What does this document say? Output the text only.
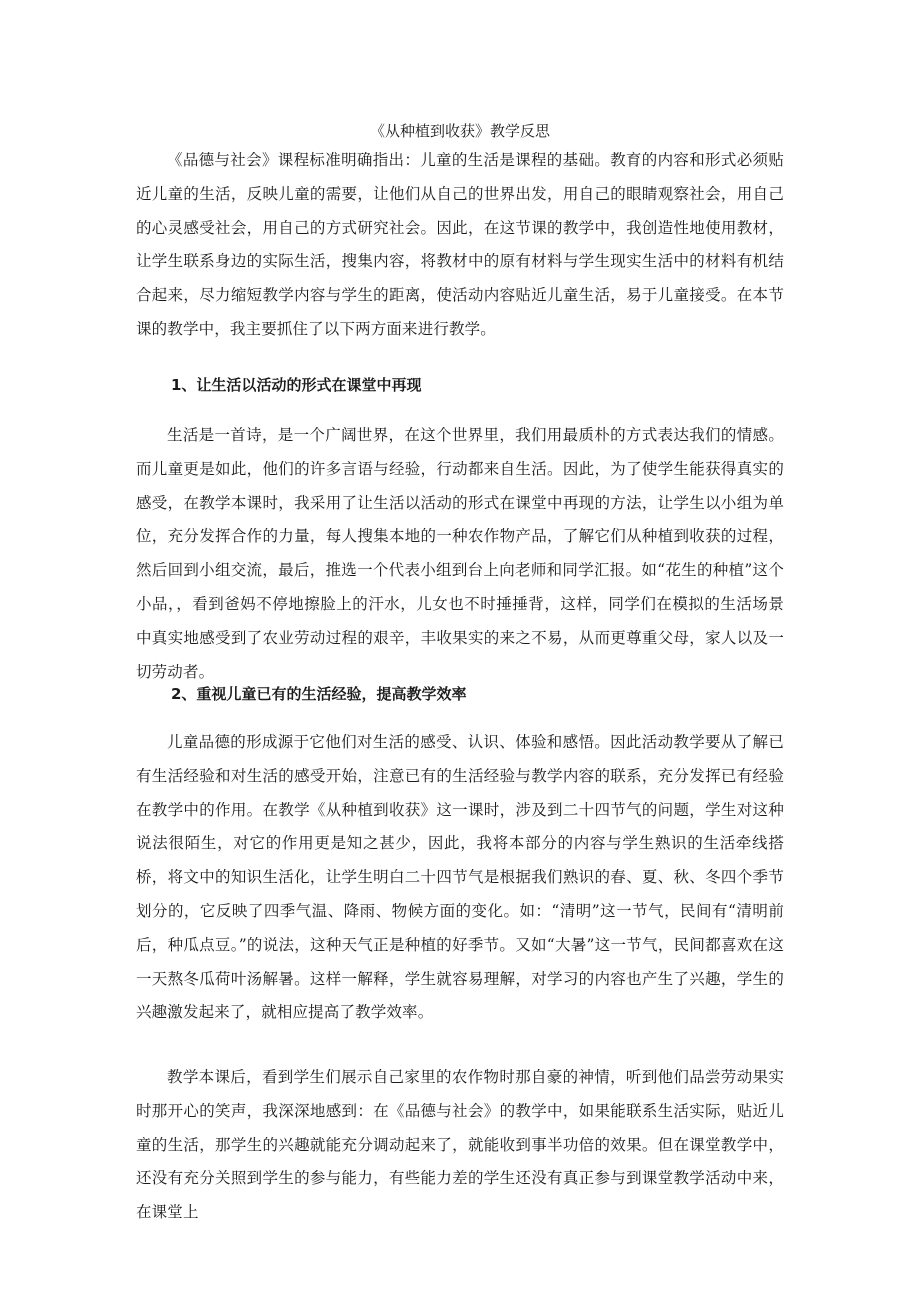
《从种植到收获》教学反思

《品德与社会》课程标准明确指出：儿童的生活是课程的基础。教育的内容和形式必须贴近儿童的生活，反映儿童的需要，让他们从自己的世界出发，用自己的眼睛观察社会，用自己的心灵感受社会，用自己的方式研究社会。因此，在这节课的教学中，我创造性地使用教材，让学生联系身边的实际生活，搜集内容，将教材中的原有材料与学生现实生活中的材料有机结合起来，尽力缩短教学内容与学生的距离，使活动内容贴近儿童生活，易于儿童接受。在本节课的教学中，我主要抓住了以下两方面来进行教学。

1、让生活以活动的形式在课堂中再现

生活是一首诗，是一个广阔世界，在这个世界里，我们用最质朴的方式表达我们的情感。而儿童更是如此，他们的许多言语与经验，行动都来自生活。因此，为了使学生能获得真实的感受，在教学本课时，我采用了让生活以活动的形式在课堂中再现的方法，让学生以小组为单位，充分发挥合作的力量，每人搜集本地的一种农作物产品，了解它们从种植到收获的过程，然后回到小组交流，最后，推选一个代表小组到台上向老师和同学汇报。如“花生的种植”这个小品，，看到爸妈不停地擦脸上的汗水，儿女也不时捶捶背，这样，同学们在模拟的生活场景中真实地感受到了农业劳动过程的艰辛，丰收果实的来之不易，从而更尊重父母，家人以及一切劳动者。

2、重视儿童已有的生活经验，提高教学效率

儿童品德的形成源于它他们对生活的感受、认识、体验和感悟。因此活动教学要从了解已有生活经验和对生活的感受开始，注意已有的生活经验与教学内容的联系，充分发挥已有经验在教学中的作用。在教学《从种植到收获》这一课时，涉及到二十四节气的问题，学生对这种说法很陌生，对它的作用更是知之甚少，因此，我将本部分的内容与学生熟识的生活牵线搭桥，将文中的知识生活化，让学生明白二十四节气是根据我们熟识的春、夏、秋、冬四个季节划分的，它反映了四季气温、降雨、物候方面的变化。如：“清明”这一节气，民间有“清明前后，种瓜点豆。”的说法，这种天气正是种植的好季节。又如“大暑”这一节气，民间都喜欢在这一天熬冬瓜荷叶汤解暑。这样一解释，学生就容易理解，对学习的内容也产生了兴趣，学生的兴趣激发起来了，就相应提高了教学效率。

教学本课后，看到学生们展示自己家里的农作物时那自豪的神情，听到他们品尝劳动果实时那开心的笑声，我深深地感到：在《品德与社会》的教学中，如果能联系生活实际，贴近儿童的生活，那学生的兴趣就能充分调动起来了，就能收到事半功倍的效果。但在课堂教学中，还没有充分关照到学生的参与能力，有些能力差的学生还没有真正参与到课堂教学活动中来，在课堂上
